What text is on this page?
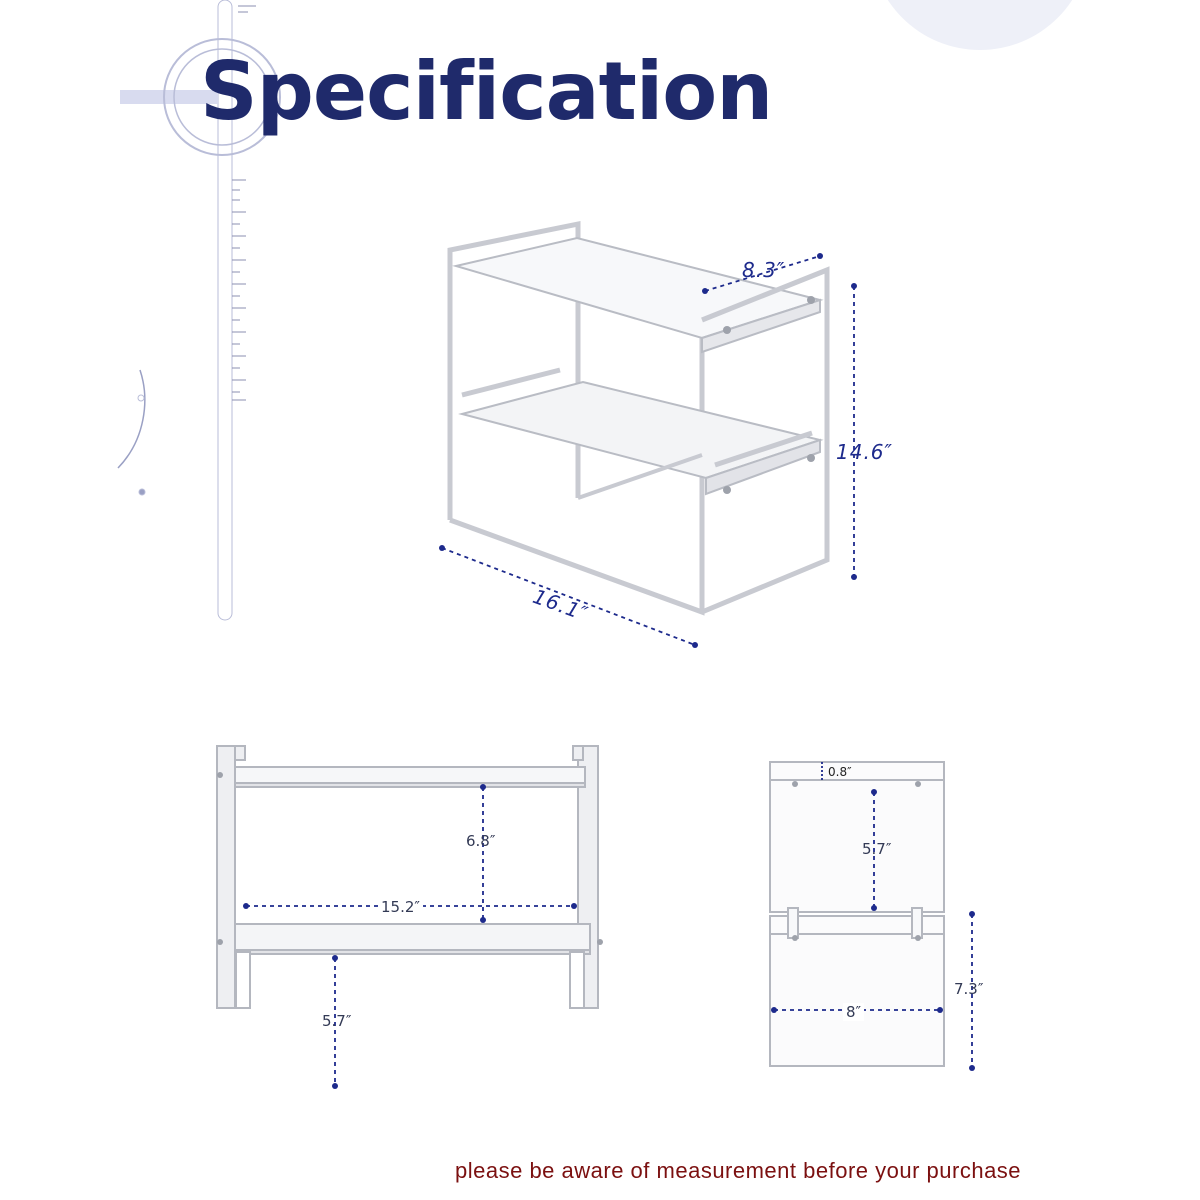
Specification
8.3″
14.6″
16.1″
6.8″
15.2″
5.7″
0.8″
5.7″
8″
7.3″
please be aware of measurement before your purchase
